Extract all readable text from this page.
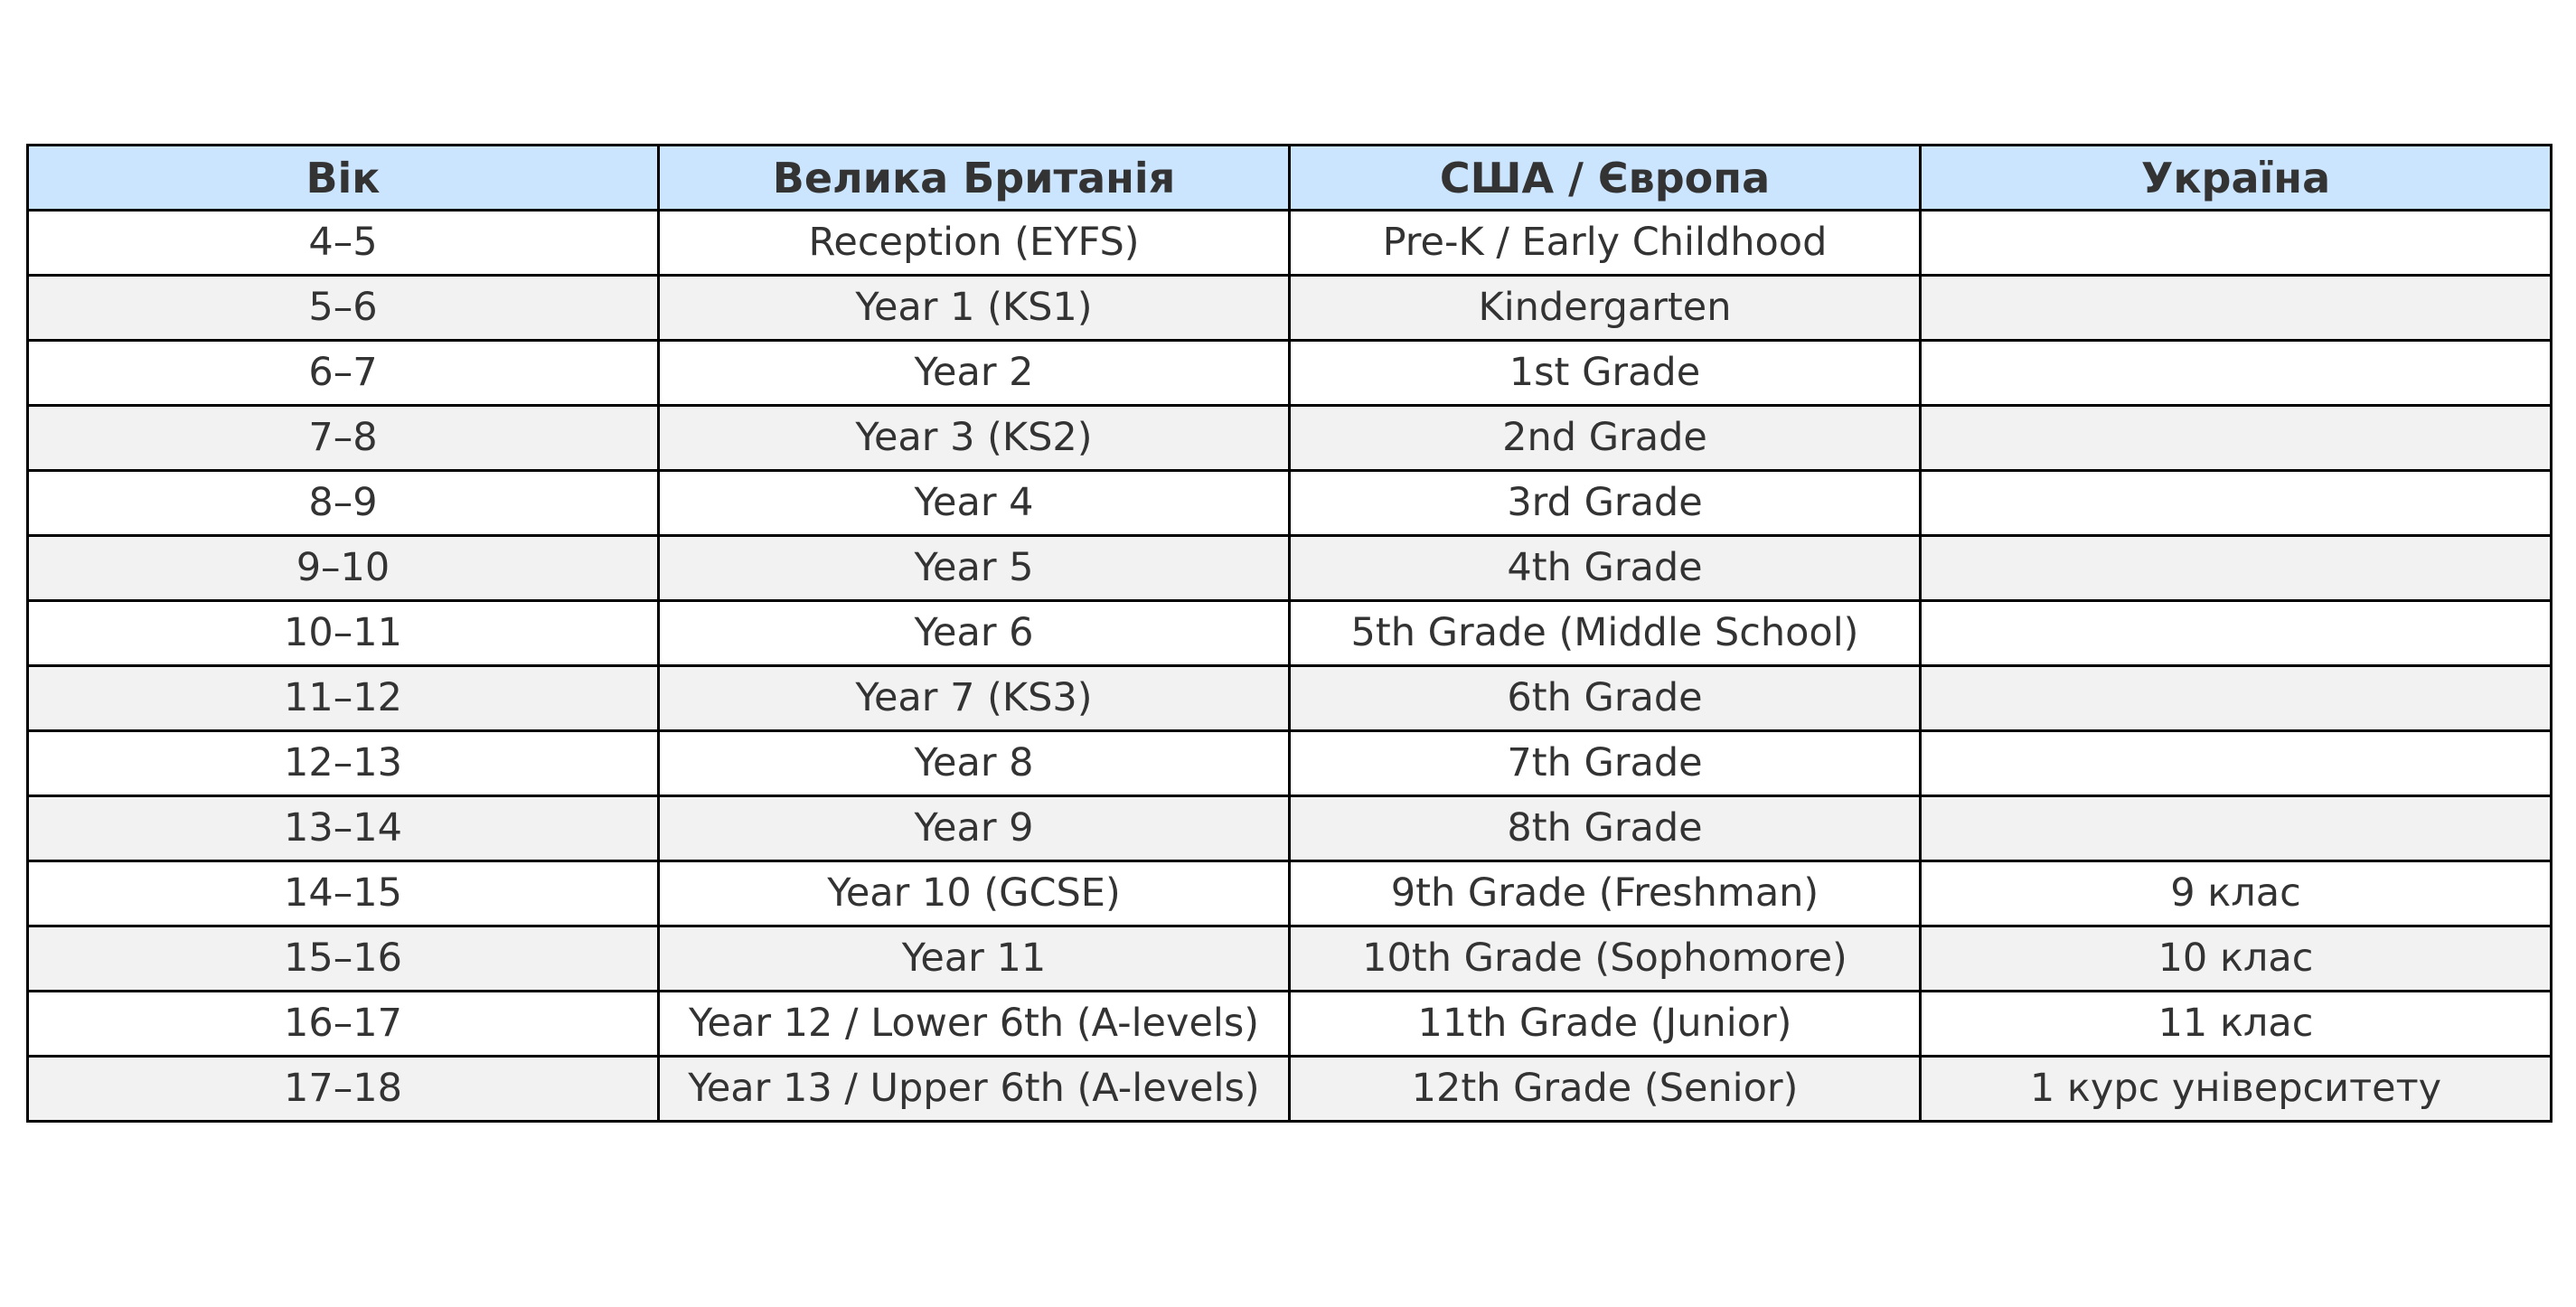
Вік	Велика Британія	США / Європа	Україна
4–5	Reception (EYFS)	Pre-K / Early Childhood	
5–6	Year 1 (KS1)	Kindergarten	
6–7	Year 2	1st Grade	
7–8	Year 3 (KS2)	2nd Grade	
8–9	Year 4	3rd Grade	
9–10	Year 5	4th Grade	
10–11	Year 6	5th Grade (Middle School)	
11–12	Year 7 (KS3)	6th Grade	
12–13	Year 8	7th Grade	
13–14	Year 9	8th Grade	
14–15	Year 10 (GCSE)	9th Grade (Freshman)	9 клас
15–16	Year 11	10th Grade (Sophomore)	10 клас
16–17	Year 12 / Lower 6th (A-levels)	11th Grade (Junior)	11 клас
17–18	Year 13 / Upper 6th (A-levels)	12th Grade (Senior)	1 курс університету
